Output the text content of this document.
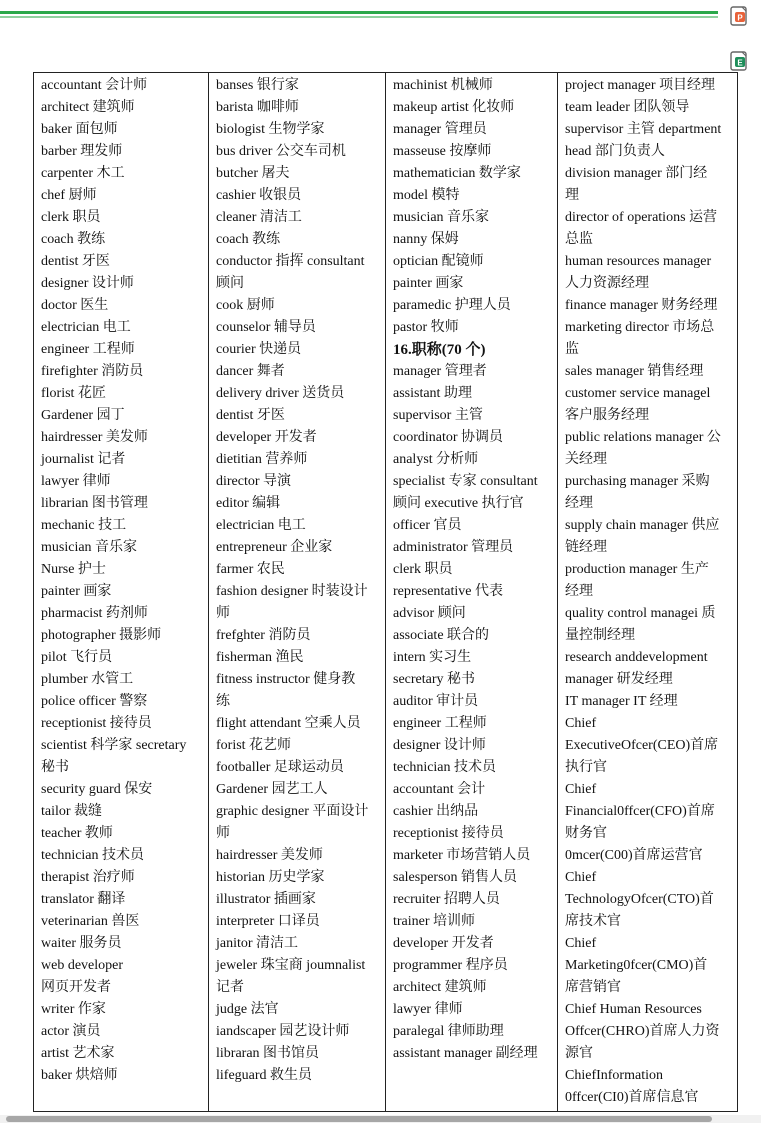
P
E

accountant 会计师

architect 建筑师

baker 面包师

barber 理发师

carpenter 木工

chef 厨师

clerk 职员

coach 教练

dentist 牙医

designer 设计师

doctor 医生

electrician 电工

engineer 工程师

firefighter 消防员

florist 花匠

Gardener 园丁

hairdresser 美发师

journalist 记者

lawyer 律师

librarian 图书管理

mechanic 技工

musician 音乐家

Nurse 护士

painter 画家

pharmacist 药剂师

photographer 摄影师

pilot 飞行员

plumber 水管工

police officer 警察

receptionist 接待员

scientist 科学家 secretary

秘书

security guard 保安

tailor 裁缝

teacher 教师

technician 技术员

therapist 治疗师

translator 翻译

veterinarian 兽医

waiter 服务员

web developer

网页开发者

writer 作家

actor 演员

artist 艺术家

baker 烘焙师

banses 银行家

barista 咖啡师

biologist 生物学家

bus driver 公交车司机

butcher 屠夫

cashier 收银员

cleaner 清洁工

coach 教练

conductor 指挥 consultant

顾问

cook 厨师

counselor 辅导员

courier 快递员

dancer 舞者

delivery driver 送货员

dentist 牙医

developer 开发者

dietitian 营养师

director 导演

editor 编辑

electrician 电工

entrepreneur 企业家

farmer 农民

fashion designer 时装设计

师

frefghter 消防员

fisherman 渔民

fitness instructor 健身教

练

flight attendant 空乘人员

forist 花艺师

footballer 足球运动员

Gardener 园艺工人

graphic designer 平面设计

师

hairdresser 美发师

historian 历史学家

illustrator 插画家

interpreter 口译员

janitor 清洁工

jeweler 珠宝商 joumnalist

记者

judge 法官

iandscaper 园艺设计师

libraran 图书馆员

lifeguard 救生员

machinist 机械师

makeup artist 化妆师

manager 管理员

masseuse 按摩师

mathematician 数学家

model 模特

musician 音乐家

nanny 保姆

optician 配镜师

painter 画家

paramedic 护理人员

pastor 牧师

16.职称(70 个)

manager 管理者

assistant 助理

supervisor 主管

coordinator 协调员

analyst 分析师

specialist 专家 consultant

顾问 executive 执行官

officer 官员

administrator 管理员

clerk 职员

representative 代表

advisor 顾问

associate 联合的

intern 实习生

secretary 秘书

auditor 审计员

engineer 工程师

designer 设计师

technician 技术员

accountant 会计

cashier 出纳品

receptionist 接待员

marketer 市场营销人员

salesperson 销售人员

recruiter 招聘人员

trainer 培训师

developer 开发者

programmer 程序员

architect 建筑师

lawyer 律师

paralegal 律师助理

assistant manager 副经理

project manager 项目经理

team leader 团队领导

supervisor 主管 department

head 部门负责人

division manager 部门经

理

director of operations 运营

总监

human resources manager

人力资源经理

finance manager 财务经理

marketing director 市场总

监

sales manager 销售经理

customer service managel

客户服务经理

public relations manager 公

关经理

purchasing manager 采购

经理

supply chain manager 供应

链经理

production manager 生产

经理

quality control managei 质

量控制经理

research anddevelopment

manager 研发经理

IT manager IT 经理

Chief

ExecutiveOfcer(CEO)首席

执行官

Chief

Financial0ffcer(CFO)首席

财务官

0mcer(C00)首席运营官

Chief

TechnologyOfcer(CTO)首

席技术官

Chief

Marketing0fcer(CMO)首

席营销官

Chief Human Resources

Offcer(CHRO)首席人力资

源官

ChiefInformation

0ffcer(CI0)首席信息官
